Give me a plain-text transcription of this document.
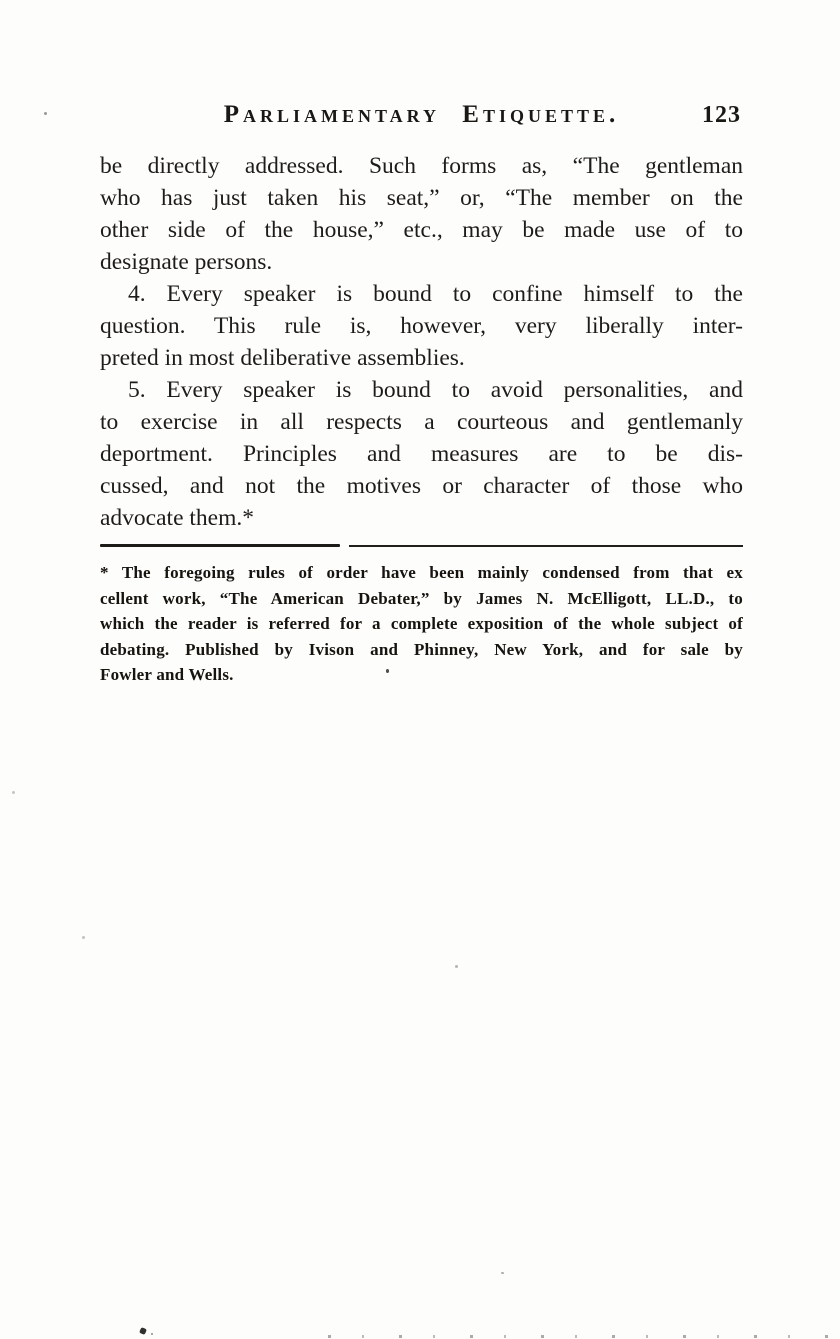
Parliamentary Etiquette.	123
be directly addressed. Such forms as, “The gentleman
who has just taken his seat,” or, “The member on the
other side of the house,” etc., may be made use of to
designate persons.
4. Every speaker is bound to confine himself to the
question. This rule is, however, very liberally inter-
preted in most deliberative assemblies.
5. Every speaker is bound to avoid personalities, and
to exercise in all respects a courteous and gentlemanly
deportment. Principles and measures are to be dis-
cussed, and not the motives or character of those who
advocate them.*
* The foregoing rules of order have been mainly condensed from that ex
cellent work, “The American Debater,” by James N. McElligott, LL.D., to
which the reader is referred for a complete exposition of the whole subject of
debating. Published by Ivison and Phinney, New York, and for sale by
Fowler and Wells.
